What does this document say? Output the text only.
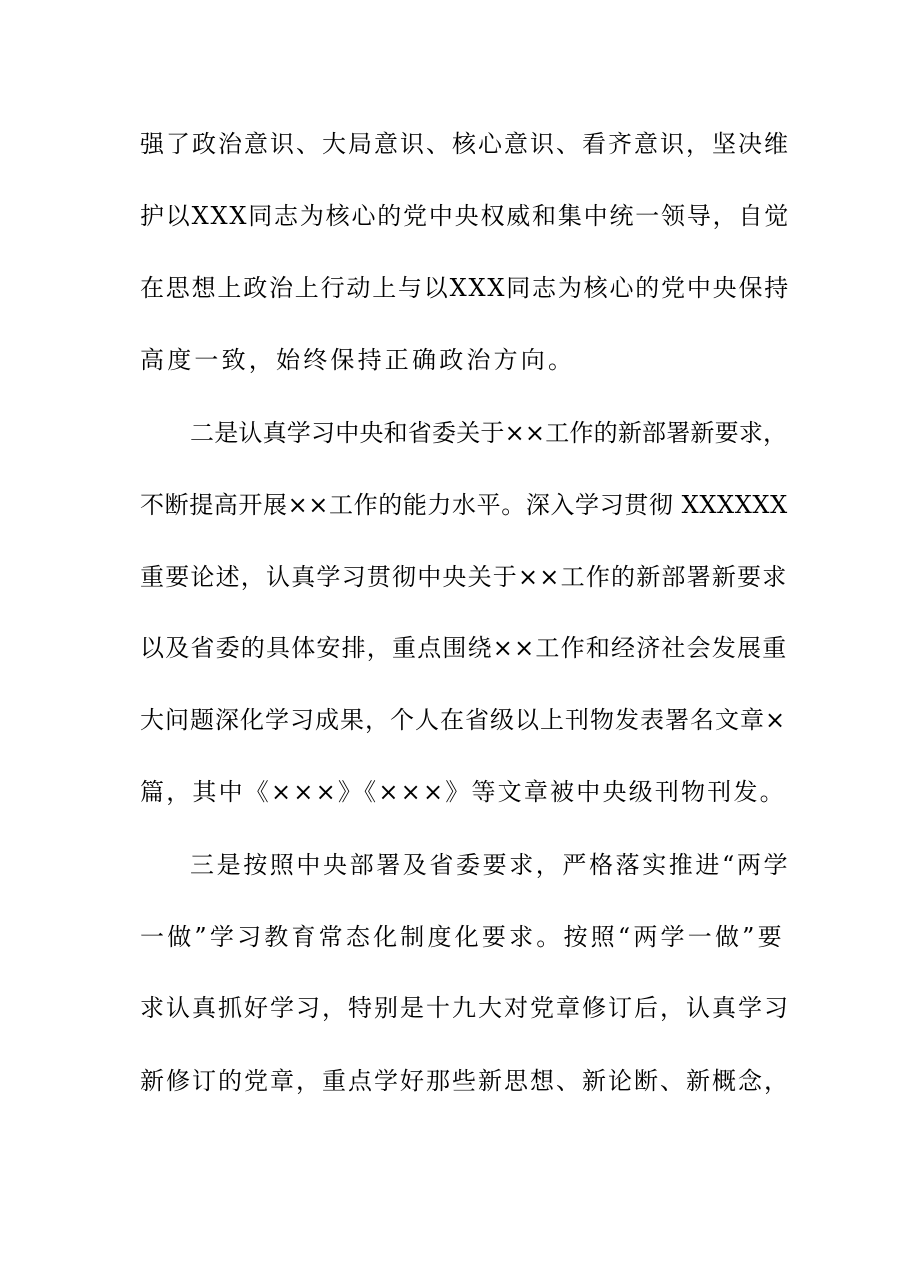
强了政治意识、大局意识、核心意识、看齐意识，坚决维
护以XXX同志为核心的党中央权威和集中统一领导，自觉
在思想上政治上行动上与以XXX同志为核心的党中央保持
高度一致，始终保持正确政治方向。
二是认真学习中央和省委关于××工作的新部署新要求，
不断提高开展××工作的能力水平。深入学习贯彻 XXXXXX
重要论述，认真学习贯彻中央关于××工作的新部署新要求
以及省委的具体安排，重点围绕××工作和经济社会发展重
大问题深化学习成果，个人在省级以上刊物发表署名文章×
篇，其中《×××》《×××》等文章被中央级刊物刊发。
三是按照中央部署及省委要求，严格落实推进“两学
一做”学习教育常态化制度化要求。按照“两学一做”要
求认真抓好学习，特别是十九大对党章修订后，认真学习
新修订的党章，重点学好那些新思想、新论断、新概念，
